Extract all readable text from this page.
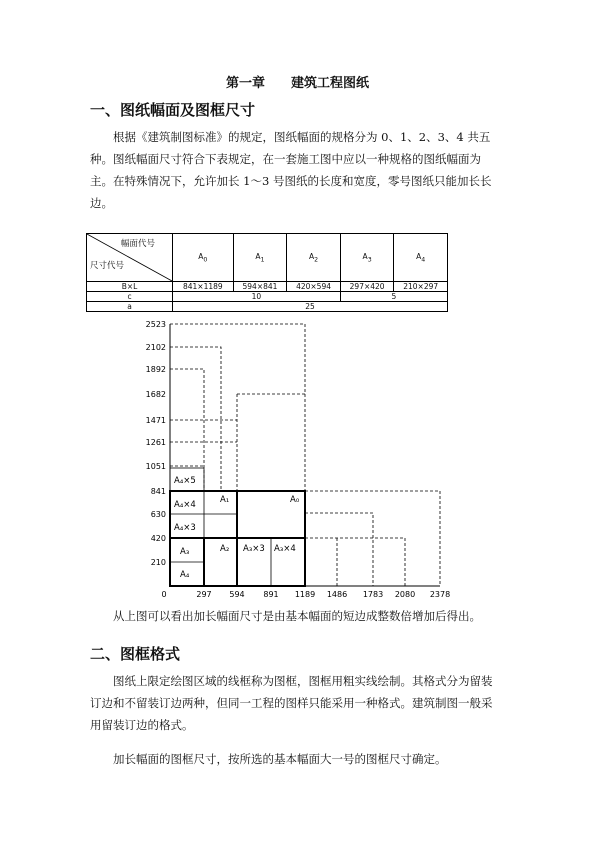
第一章　　建筑工程图纸
一、图纸幅面及图框尺寸

根据《建筑制图标准》的规定，图纸幅面的规格分为 0、1、2、3、4 共五种。图纸幅面尺寸符合下表规定，在一套施工图中应以一种规格的图纸幅面为主。在特殊情况下，允许加长 1～3 号图纸的长度和宽度，零号图纸只能加长长边。

幅面代号
尺寸代号	$A_0$	$A_1$	$A_2$	$A_3$	$A_4$
B×L	841×1189	594×841	420×594	297×420	210×297
c	10			5	
a	25				
2523
2102
1892
1682
1471
1261
1051
841
630
420
210
0	297 594 891 1189 1486 1783 2080 2378
A₄×5
A₄×4
A₄×3
A₁	A₀
A₃
A₄
A₂ A₃×3 A₃×4

从上图可以看出加长幅面尺寸是由基本幅面的短边成整数倍增加后得出。

二、图框格式

图纸上限定绘图区域的线框称为图框，图框用粗实线绘制。其格式分为留装订边和不留装订边两种，但同一工程的图样只能采用一种格式。建筑制图一般采用留装订边的格式。

加长幅面的图框尺寸，按所选的基本幅面大一号的图框尺寸确定。
